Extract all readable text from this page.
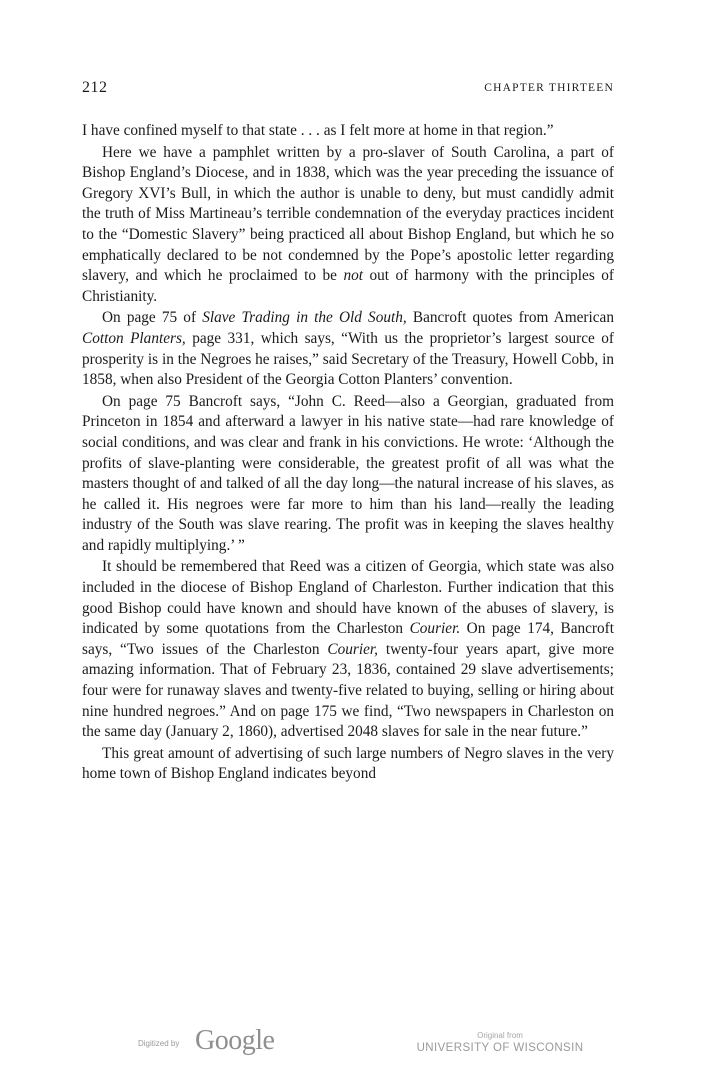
212	CHAPTER THIRTEEN

I have confined myself to that state . . . as I felt more at home in that region.”

Here we have a pamphlet written by a pro-slaver of South Carolina, a part of Bishop England’s Diocese, and in 1838, which was the year preceding the issuance of Gregory XVI’s Bull, in which the author is unable to deny, but must candidly admit the truth of Miss Martineau’s terrible condemnation of the everyday practices incident to the “Domestic Slavery” being practiced all about Bishop England, but which he so emphatically declared to be not condemned by the Pope’s apostolic letter regarding slavery, and which he proclaimed to be not out of harmony with the principles of Christianity.

On page 75 of Slave Trading in the Old South, Bancroft quotes from American Cotton Planters, page 331, which says, “With us the proprietor’s largest source of prosperity is in the Negroes he raises,” said Secretary of the Treasury, Howell Cobb, in 1858, when also President of the Georgia Cotton Planters’ convention.

On page 75 Bancroft says, “John C. Reed—also a Georgian, graduated from Princeton in 1854 and afterward a lawyer in his native state—had rare knowledge of social conditions, and was clear and frank in his convictions. He wrote: ‘Although the profits of slave-planting were considerable, the greatest profit of all was what the masters thought of and talked of all the day long—the natural increase of his slaves, as he called it. His negroes were far more to him than his land—really the leading industry of the South was slave rearing. The profit was in keeping the slaves healthy and rapidly multiplying.’ ”

It should be remembered that Reed was a citizen of Georgia, which state was also included in the diocese of Bishop England of Charleston. Further indication that this good Bishop could have known and should have known of the abuses of slavery, is indicated by some quotations from the Charleston Courier. On page 174, Bancroft says, “Two issues of the Charleston Courier, twenty-four years apart, give more amazing information. That of February 23, 1836, contained 29 slave advertisements; four were for runaway slaves and twenty-five related to buying, selling or hiring about nine hundred negroes.” And on page 175 we find, “Two newspapers in Charleston on the same day (January 2, 1860), advertised 2048 slaves for sale in the near future.”

This great amount of advertising of such large numbers of Negro slaves in the very home town of Bishop England indicates beyond

Digitized by Google	Original from
UNIVERSITY OF WISCONSIN
